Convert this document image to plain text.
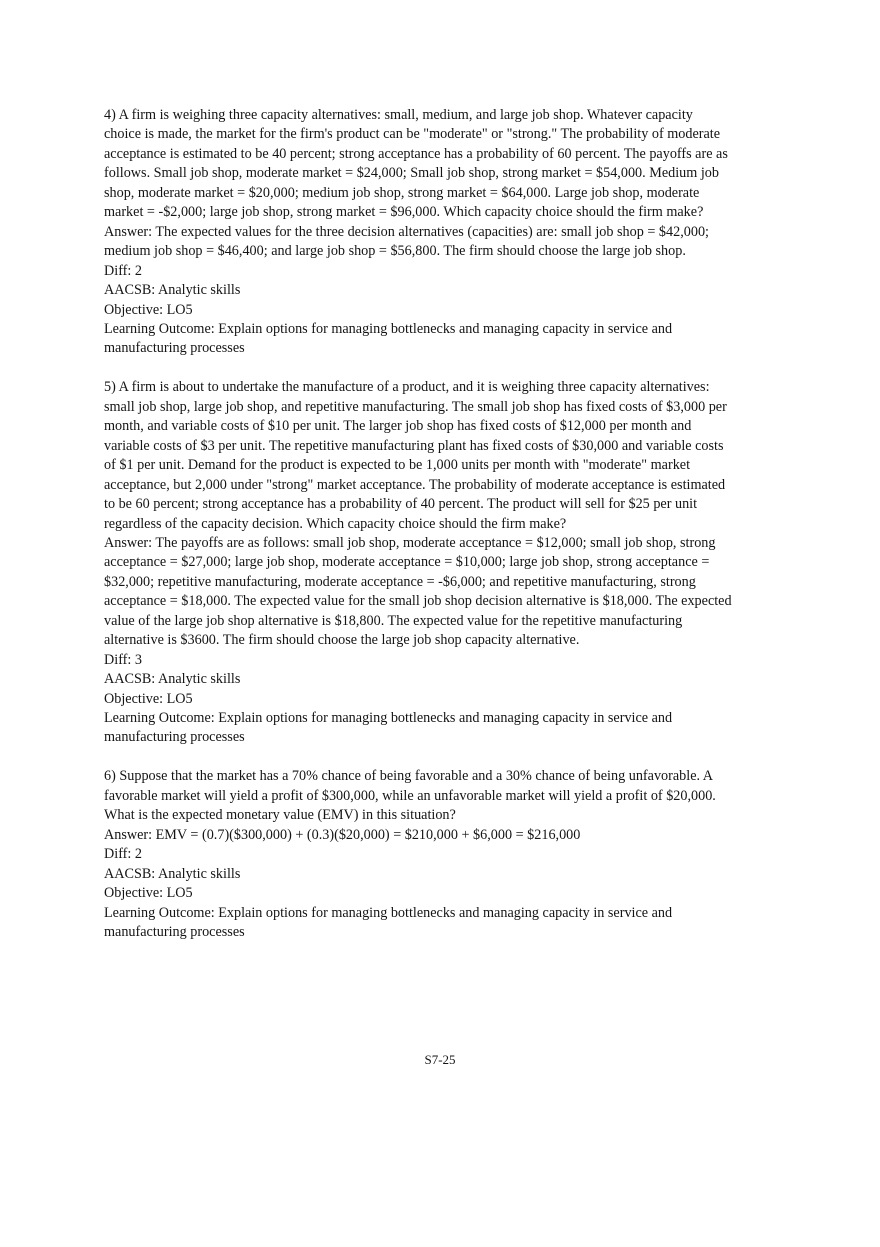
4) A firm is weighing three capacity alternatives: small, medium, and large job shop. Whatever capacity choice is made, the market for the firm's product can be "moderate" or "strong." The probability of moderate acceptance is estimated to be 40 percent; strong acceptance has a probability of 60 percent. The payoffs are as follows. Small job shop, moderate market = $24,000; Small job shop, strong market = $54,000. Medium job shop, moderate market = $20,000; medium job shop, strong market = $64,000. Large job shop, moderate market = -$2,000; large job shop, strong market = $96,000. Which capacity choice should the firm make?

Answer: The expected values for the three decision alternatives (capacities) are: small job shop = $42,000; medium job shop = $46,400; and large job shop = $56,800. The firm should choose the large job shop.

Diff: 2
AACSB: Analytic skills
Objective: LO5
Learning Outcome: Explain options for managing bottlenecks and managing capacity in service and manufacturing processes

5) A firm is about to undertake the manufacture of a product, and it is weighing three capacity alternatives: small job shop, large job shop, and repetitive manufacturing. The small job shop has fixed costs of $3,000 per month, and variable costs of $10 per unit. The larger job shop has fixed costs of $12,000 per month and variable costs of $3 per unit. The repetitive manufacturing plant has fixed costs of $30,000 and variable costs of $1 per unit. Demand for the product is expected to be 1,000 units per month with "moderate" market acceptance, but 2,000 under "strong" market acceptance. The probability of moderate acceptance is estimated to be 60 percent; strong acceptance has a probability of 40 percent. The product will sell for $25 per unit regardless of the capacity decision. Which capacity choice should the firm make?

Answer: The payoffs are as follows: small job shop, moderate acceptance = $12,000; small job shop, strong acceptance = $27,000; large job shop, moderate acceptance = $10,000; large job shop, strong acceptance = $32,000; repetitive manufacturing, moderate acceptance = -$6,000; and repetitive manufacturing, strong acceptance = $18,000. The expected value for the small job shop decision alternative is $18,000. The expected value of the large job shop alternative is $18,800. The expected value for the repetitive manufacturing alternative is $3600. The firm should choose the large job shop capacity alternative.

Diff: 3
AACSB: Analytic skills
Objective: LO5
Learning Outcome: Explain options for managing bottlenecks and managing capacity in service and manufacturing processes

6) Suppose that the market has a 70% chance of being favorable and a 30% chance of being unfavorable. A favorable market will yield a profit of $300,000, while an unfavorable market will yield a profit of $20,000. What is the expected monetary value (EMV) in this situation?

Answer: EMV = (0.7)($300,000) + (0.3)($20,000) = $210,000 + $6,000 = $216,000

Diff: 2
AACSB: Analytic skills
Objective: LO5
Learning Outcome: Explain options for managing bottlenecks and managing capacity in service and manufacturing processes
S7-25
